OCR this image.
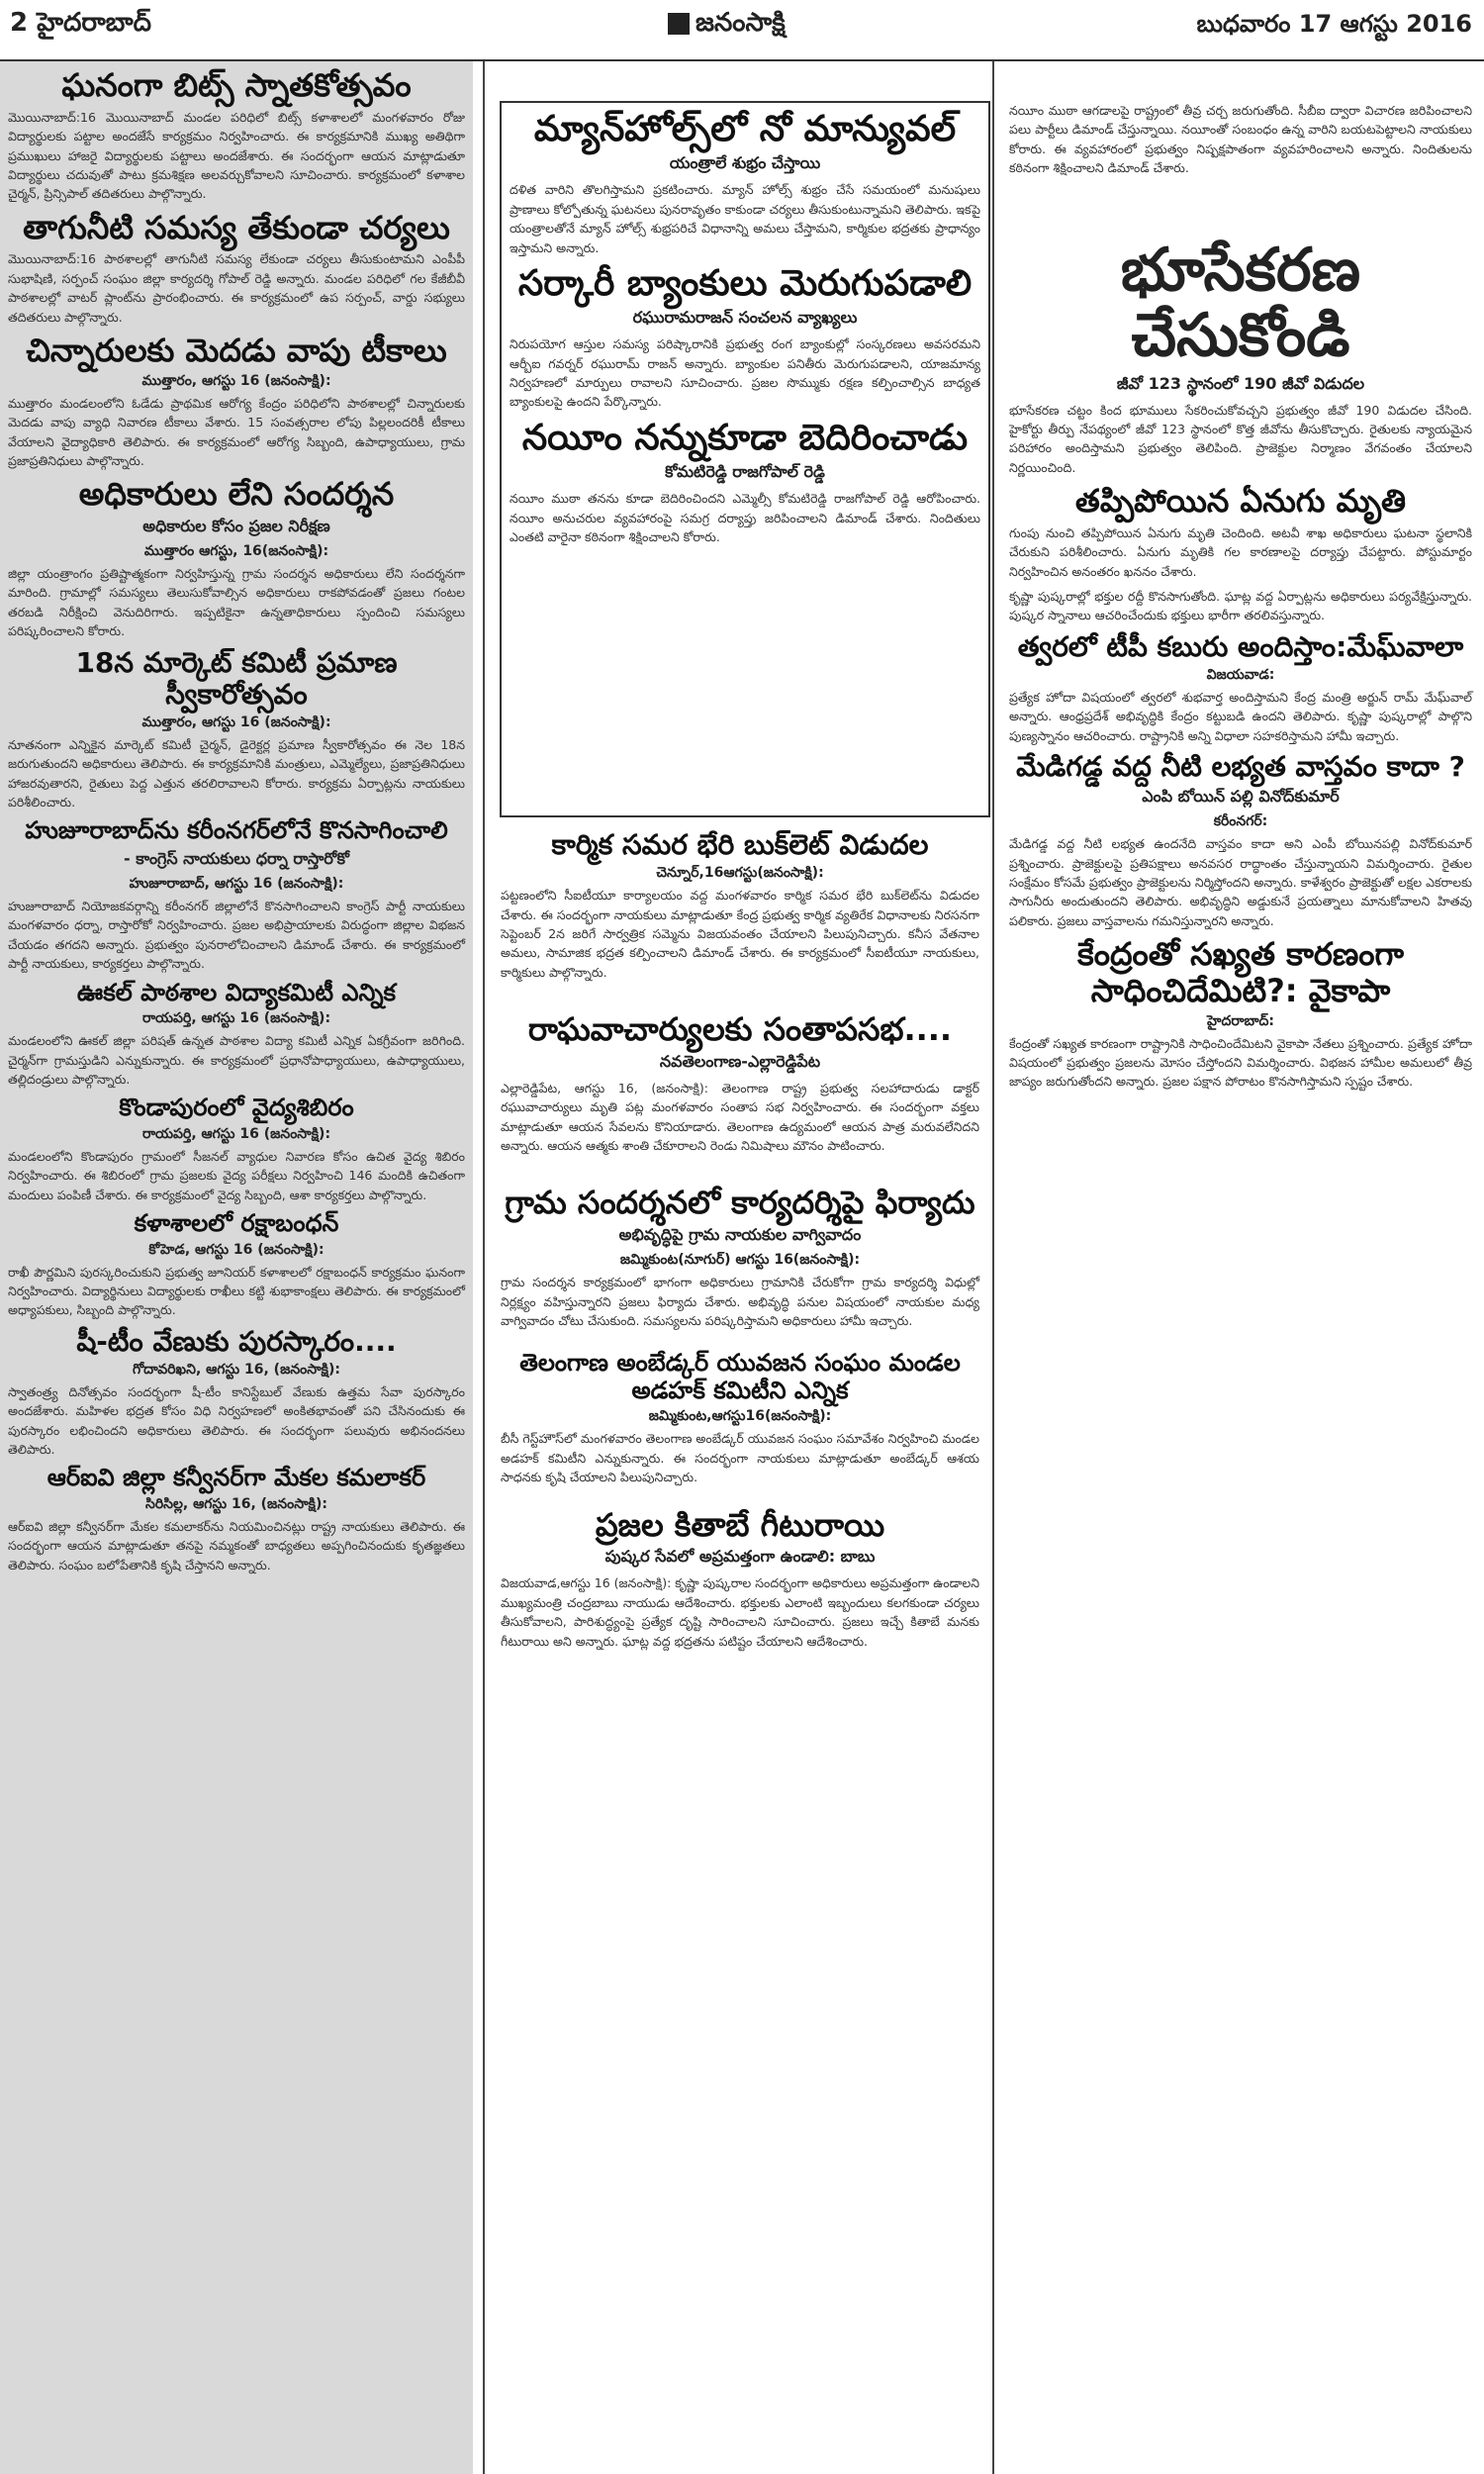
2 హైదరాబాద్	జనంసాక్షి	బుధవారం 17 ఆగస్టు 2016
ఘనంగా బిట్స్ స్నాతకోత్సవం
మొయినాబాద్:16 మొయినాబాద్ మండల పరిధిలో బిట్స్ కళాశాలలో మంగళవారం రోజు విద్యార్థులకు పట్టాల అందజేసే కార్యక్రమం నిర్వహించారు. ఈ కార్యక్రమానికి ముఖ్య అతిథిగా ప్రముఖులు హాజరై విద్యార్థులకు పట్టాలు అందజేశారు. ఈ సందర్భంగా ఆయన మాట్లాడుతూ విద్యార్థులు చదువుతో పాటు క్రమశిక్షణ అలవర్చుకోవాలని సూచించారు. కార్యక్రమంలో కళాశాల చైర్మన్, ప్రిన్సిపాల్ తదితరులు పాల్గొన్నారు.
తాగునీటి సమస్య తేకుండా చర్యలు
మొయినాబాద్:16 పాఠశాలల్లో తాగునీటి సమస్య లేకుండా చర్యలు తీసుకుంటామని ఎంపీపీ సుభాషిణి, సర్పంచ్ సంఘం జిల్లా కార్యదర్శి గోపాల్ రెడ్డి అన్నారు. మండల పరిధిలో గల కేజీబీవీ పాఠశాలల్లో వాటర్ ప్లాంట్‌ను ప్రారంభించారు. ఈ కార్యక్రమంలో ఉప సర్పంచ్, వార్డు సభ్యులు తదితరులు పాల్గొన్నారు.
చిన్నారులకు మెదడు వాపు టీకాలు
ముత్తారం, ఆగస్టు 16 (జనంసాక్షి):
ముత్తారం మండలంలోని ఓడేడు ప్రాథమిక ఆరోగ్య కేంద్రం పరిధిలోని పాఠశాలల్లో చిన్నారులకు మెదడు వాపు వ్యాధి నివారణ టీకాలు వేశారు. 15 సంవత్సరాల లోపు పిల్లలందరికీ టీకాలు వేయాలని వైద్యాధికారి తెలిపారు. ఈ కార్యక్రమంలో ఆరోగ్య సిబ్బంది, ఉపాధ్యాయులు, గ్రామ ప్రజాప్రతినిధులు పాల్గొన్నారు.
అధికారులు లేని సందర్శన
అధికారుల కోసం ప్రజల నిరీక్షణ
ముత్తారం ఆగస్టు, 16(జనంసాక్షి):
జిల్లా యంత్రాంగం ప్రతిష్టాత్మకంగా నిర్వహిస్తున్న గ్రామ సందర్శన అధికారులు లేని సందర్శనగా మారింది. గ్రామాల్లో సమస్యలు తెలుసుకోవాల్సిన అధికారులు రాకపోవడంతో ప్రజలు గంటల తరబడి నిరీక్షించి వెనుదిరిగారు. ఇప్పటికైనా ఉన్నతాధికారులు స్పందించి సమస్యలు పరిష్కరించాలని కోరారు.
18న మార్కెట్ కమిటీ ప్రమాణ స్వీకారోత్సవం
ముత్తారం, ఆగస్టు 16 (జనంసాక్షి):
నూతనంగా ఎన్నికైన మార్కెట్ కమిటీ చైర్మన్, డైరెక్టర్ల ప్రమాణ స్వీకారోత్సవం ఈ నెల 18న జరుగుతుందని అధికారులు తెలిపారు. ఈ కార్యక్రమానికి మంత్రులు, ఎమ్మెల్యేలు, ప్రజాప్రతినిధులు హాజరవుతారని, రైతులు పెద్ద ఎత్తున తరలిరావాలని కోరారు. కార్యక్రమ ఏర్పాట్లను నాయకులు పరిశీలించారు.
హుజూరాబాద్‌ను కరీంనగర్‌లోనే కొనసాగించాలి
- కాంగ్రెస్ నాయకులు ధర్నా రాస్తారోకో
హుజూరాబాద్, ఆగస్టు 16 (జనంసాక్షి):
హుజూరాబాద్ నియోజకవర్గాన్ని కరీంనగర్ జిల్లాలోనే కొనసాగించాలని కాంగ్రెస్ పార్టీ నాయకులు మంగళవారం ధర్నా, రాస్తారోకో నిర్వహించారు. ప్రజల అభిప్రాయాలకు విరుద్ధంగా జిల్లాల విభజన చేయడం తగదని అన్నారు. ప్రభుత్వం పునరాలోచించాలని డిమాండ్ చేశారు. ఈ కార్యక్రమంలో పార్టీ నాయకులు, కార్యకర్తలు పాల్గొన్నారు.
ఊకల్ పాఠశాల విద్యాకమిటీ ఎన్నిక
రాయపర్తి, ఆగస్టు 16 (జనంసాక్షి):
మండలంలోని ఊకల్ జిల్లా పరిషత్ ఉన్నత పాఠశాల విద్యా కమిటీ ఎన్నిక ఏకగ్రీవంగా జరిగింది. చైర్మన్‌గా గ్రామస్తుడిని ఎన్నుకున్నారు. ఈ కార్యక్రమంలో ప్రధానోపాధ్యాయులు, ఉపాధ్యాయులు, తల్లిదండ్రులు పాల్గొన్నారు.
కొండాపురంలో వైద్యశిబిరం
రాయపర్తి, ఆగస్టు 16 (జనంసాక్షి):
మండలంలోని కొండాపురం గ్రామంలో సీజనల్ వ్యాధుల నివారణ కోసం ఉచిత వైద్య శిబిరం నిర్వహించారు. ఈ శిబిరంలో గ్రామ ప్రజలకు వైద్య పరీక్షలు నిర్వహించి 146 మందికి ఉచితంగా మందులు పంపిణీ చేశారు. ఈ కార్యక్రమంలో వైద్య సిబ్బంది, ఆశా కార్యకర్తలు పాల్గొన్నారు.
కళాశాలలో రక్షాబంధన్
కోహెడ, ఆగస్టు 16 (జనంసాక్షి):
రాఖీ పౌర్ణమిని పురస్కరించుకుని ప్రభుత్వ జూనియర్ కళాశాలలో రక్షాబంధన్ కార్యక్రమం ఘనంగా నిర్వహించారు. విద్యార్థినులు విద్యార్థులకు రాఖీలు కట్టి శుభాకాంక్షలు తెలిపారు. ఈ కార్యక్రమంలో అధ్యాపకులు, సిబ్బంది పాల్గొన్నారు.
షీ-టీం వేణుకు పురస్కారం....
గోదావరిఖని, ఆగస్టు 16, (జనంసాక్షి):
స్వాతంత్ర్య దినోత్సవం సందర్భంగా షీ-టీం కానిస్టేబుల్ వేణుకు ఉత్తమ సేవా పురస్కారం అందజేశారు. మహిళల భద్రత కోసం విధి నిర్వహణలో అంకితభావంతో పని చేసినందుకు ఈ పురస్కారం లభించిందని అధికారులు తెలిపారు. ఈ సందర్భంగా పలువురు అభినందనలు తెలిపారు.
ఆర్ఐవి జిల్లా కన్వీనర్‌గా మేకల కమలాకర్
సిరిసిల్ల, ఆగస్టు 16, (జనంసాక్షి):
ఆర్ఐవి జిల్లా కన్వీనర్‌గా మేకల కమలాకర్‌ను నియమించినట్లు రాష్ట్ర నాయకులు తెలిపారు. ఈ సందర్భంగా ఆయన మాట్లాడుతూ తనపై నమ్మకంతో బాధ్యతలు అప్పగించినందుకు కృతజ్ఞతలు తెలిపారు. సంఘం బలోపేతానికి కృషి చేస్తానని అన్నారు.
మ్యాన్‌హోల్స్‌లో నో మాన్యువల్
యంత్రాలే శుభ్రం చేస్తాయి
దళిత వారిని తొలగిస్తామని ప్రకటించారు. మ్యాన్ హోల్స్ శుభ్రం చేసే సమయంలో మనుషులు ప్రాణాలు కోల్పోతున్న ఘటనలు పునరావృతం కాకుండా చర్యలు తీసుకుంటున్నామని తెలిపారు. ఇకపై యంత్రాలతోనే మ్యాన్ హోల్స్ శుభ్రపరిచే విధానాన్ని అమలు చేస్తామని, కార్మికుల భద్రతకు ప్రాధాన్యం ఇస్తామని అన్నారు.
సర్కారీ బ్యాంకులు మెరుగుపడాలి
రఘురామరాజన్ సంచలన వ్యాఖ్యలు
నిరుపయోగ ఆస్తుల సమస్య పరిష్కారానికి ప్రభుత్వ రంగ బ్యాంకుల్లో సంస్కరణలు అవసరమని ఆర్బీఐ గవర్నర్ రఘురామ్ రాజన్ అన్నారు. బ్యాంకుల పనితీరు మెరుగుపడాలని, యాజమాన్య నిర్వహణలో మార్పులు రావాలని సూచించారు. ప్రజల సొమ్ముకు రక్షణ కల్పించాల్సిన బాధ్యత బ్యాంకులపై ఉందని పేర్కొన్నారు.
నయీం నన్నుకూడా బెదిరించాడు
కోమటిరెడ్డి రాజగోపాల్ రెడ్డి
నయీం ముఠా తనను కూడా బెదిరించిందని ఎమ్మెల్సీ కోమటిరెడ్డి రాజగోపాల్ రెడ్డి ఆరోపించారు. నయీం అనుచరుల వ్యవహారంపై సమగ్ర దర్యాప్తు జరిపించాలని డిమాండ్ చేశారు. నిందితులు ఎంతటి వారైనా కఠినంగా శిక్షించాలని కోరారు.
కార్మిక సమర భేరి బుక్‌లెట్ విడుదల
చెన్నూర్,16ఆగస్టు(జనంసాక్షి):
పట్టణంలోని సీఐటీయూ కార్యాలయం వద్ద మంగళవారం కార్మిక సమర భేరి బుక్‌లెట్‌ను విడుదల చేశారు. ఈ సందర్భంగా నాయకులు మాట్లాడుతూ కేంద్ర ప్రభుత్వ కార్మిక వ్యతిరేక విధానాలకు నిరసనగా సెప్టెంబర్ 2న జరిగే సార్వత్రిక సమ్మెను విజయవంతం చేయాలని పిలుపునిచ్చారు. కనీస వేతనాల అమలు, సామాజిక భద్రత కల్పించాలని డిమాండ్ చేశారు. ఈ కార్యక్రమంలో సీఐటీయూ నాయకులు, కార్మికులు పాల్గొన్నారు.
రాఘవాచార్యులకు సంతాపసభ....
నవతెలంగాణ-ఎల్లారెడ్డిపేట
ఎల్లారెడ్డిపేట, ఆగస్టు 16, (జనంసాక్షి): తెలంగాణ రాష్ట్ర ప్రభుత్వ సలహాదారుడు డాక్టర్ రఘువాచార్యులు మృతి పట్ల మంగళవారం సంతాప సభ నిర్వహించారు. ఈ సందర్భంగా వక్తలు మాట్లాడుతూ ఆయన సేవలను కొనియాడారు. తెలంగాణ ఉద్యమంలో ఆయన పాత్ర మరువలేనిదని అన్నారు. ఆయన ఆత్మకు శాంతి చేకూరాలని రెండు నిమిషాలు మౌనం పాటించారు.
గ్రామ సందర్శనలో కార్యదర్శిపై ఫిర్యాదు
అభివృద్ధిపై గ్రామ నాయకుల వాగ్వివాదం
జమ్మికుంట(నూగుర్) ఆగస్టు 16(జనంసాక్షి):
గ్రామ సందర్శన కార్యక్రమంలో భాగంగా అధికారులు గ్రామానికి చేరుకోగా గ్రామ కార్యదర్శి విధుల్లో నిర్లక్ష్యం వహిస్తున్నారని ప్రజలు ఫిర్యాదు చేశారు. అభివృద్ధి పనుల విషయంలో నాయకుల మధ్య వాగ్వివాదం చోటు చేసుకుంది. సమస్యలను పరిష్కరిస్తామని అధికారులు హామీ ఇచ్చారు.
తెలంగాణ అంబేడ్కర్ యువజన సంఘం మండల అడహక్ కమిటీని ఎన్నిక
జమ్మికుంట,ఆగస్టు16(జనంసాక్షి):
బీసీ గెస్ట్‌హౌస్‌లో మంగళవారం తెలంగాణ అంబేడ్కర్ యువజన సంఘం సమావేశం నిర్వహించి మండల అడహక్ కమిటీని ఎన్నుకున్నారు. ఈ సందర్భంగా నాయకులు మాట్లాడుతూ అంబేడ్కర్ ఆశయ సాధనకు కృషి చేయాలని పిలుపునిచ్చారు.
ప్రజల కితాబే గీటురాయి
పుష్కర సేవలో అప్రమత్తంగా ఉండాలి: బాబు
విజయవాడ,ఆగస్టు 16 (జనంసాక్షి): కృష్ణా పుష్కరాల సందర్భంగా అధికారులు అప్రమత్తంగా ఉండాలని ముఖ్యమంత్రి చంద్రబాబు నాయుడు ఆదేశించారు. భక్తులకు ఎలాంటి ఇబ్బందులు కలగకుండా చర్యలు తీసుకోవాలని, పారిశుద్ధ్యంపై ప్రత్యేక దృష్టి సారించాలని సూచించారు. ప్రజలు ఇచ్చే కితాబే మనకు గీటురాయి అని అన్నారు. ఘాట్ల వద్ద భద్రతను పటిష్టం చేయాలని ఆదేశించారు.
నయీం ముఠా ఆగడాలపై రాష్ట్రంలో తీవ్ర చర్చ జరుగుతోంది. సీబీఐ ద్వారా విచారణ జరిపించాలని పలు పార్టీలు డిమాండ్ చేస్తున్నాయి. నయీంతో సంబంధం ఉన్న వారిని బయటపెట్టాలని నాయకులు కోరారు. ఈ వ్యవహారంలో ప్రభుత్వం నిష్పక్షపాతంగా వ్యవహరించాలని అన్నారు. నిందితులను కఠినంగా శిక్షించాలని డిమాండ్ చేశారు.
భూసేకరణ చేసుకోండి
జీవో 123 స్థానంలో 190 జీవో విడుదల
భూసేకరణ చట్టం కింద భూములు సేకరించుకోవచ్చని ప్రభుత్వం జీవో 190 విడుదల చేసింది. హైకోర్టు తీర్పు నేపథ్యంలో జీవో 123 స్థానంలో కొత్త జీవోను తీసుకొచ్చారు. రైతులకు న్యాయమైన పరిహారం అందిస్తామని ప్రభుత్వం తెలిపింది. ప్రాజెక్టుల నిర్మాణం వేగవంతం చేయాలని నిర్ణయించింది.
తప్పిపోయిన ఏనుగు మృతి
గుంపు నుంచి తప్పిపోయిన ఏనుగు మృతి చెందింది. అటవీ శాఖ అధికారులు ఘటనా స్థలానికి చేరుకుని పరిశీలించారు. ఏనుగు మృతికి గల కారణాలపై దర్యాప్తు చేపట్టారు. పోస్టుమార్టం నిర్వహించిన అనంతరం ఖననం చేశారు.
కృష్ణా పుష్కరాల్లో భక్తుల రద్దీ కొనసాగుతోంది. ఘాట్ల వద్ద ఏర్పాట్లను అధికారులు పర్యవేక్షిస్తున్నారు. పుష్కర స్నానాలు ఆచరించేందుకు భక్తులు భారీగా తరలివస్తున్నారు.
త్వరలో టీపీ కబురు అందిస్తాం:మేఘ్‌వాలా
విజయవాడ:
ప్రత్యేక హోదా విషయంలో త్వరలో శుభవార్త అందిస్తామని కేంద్ర మంత్రి అర్జున్ రామ్ మేఘ్‌వాల్ అన్నారు. ఆంధ్రప్రదేశ్ అభివృద్ధికి కేంద్రం కట్టుబడి ఉందని తెలిపారు. కృష్ణా పుష్కరాల్లో పాల్గొని పుణ్యస్నానం ఆచరించారు. రాష్ట్రానికి అన్ని విధాలా సహకరిస్తామని హామీ ఇచ్చారు.
మేడిగడ్డ వద్ద నీటి లభ్యత వాస్తవం కాదా ?
ఎంపి బోయిన్ పల్లి వినోద్‌కుమార్
కరీంనగర్:
మేడిగడ్డ వద్ద నీటి లభ్యత ఉందనేది వాస్తవం కాదా అని ఎంపీ బోయినపల్లి వినోద్‌కుమార్ ప్రశ్నించారు. ప్రాజెక్టులపై ప్రతిపక్షాలు అనవసర రాద్ధాంతం చేస్తున్నాయని విమర్శించారు. రైతుల సంక్షేమం కోసమే ప్రభుత్వం ప్రాజెక్టులను నిర్మిస్తోందని అన్నారు. కాళేశ్వరం ప్రాజెక్టుతో లక్షల ఎకరాలకు సాగునీరు అందుతుందని తెలిపారు. అభివృద్ధిని అడ్డుకునే ప్రయత్నాలు మానుకోవాలని హితవు పలికారు. ప్రజలు వాస్తవాలను గమనిస్తున్నారని అన్నారు.
కేంద్రంతో సఖ్యత కారణంగా సాధించిదేమిటి?: వైకాపా
హైదరాబాద్:
కేంద్రంతో సఖ్యత కారణంగా రాష్ట్రానికి సాధించిందేమిటని వైకాపా నేతలు ప్రశ్నించారు. ప్రత్యేక హోదా విషయంలో ప్రభుత్వం ప్రజలను మోసం చేస్తోందని విమర్శించారు. విభజన హామీల అమలులో తీవ్ర జాప్యం జరుగుతోందని అన్నారు. ప్రజల పక్షాన పోరాటం కొనసాగిస్తామని స్పష్టం చేశారు.
